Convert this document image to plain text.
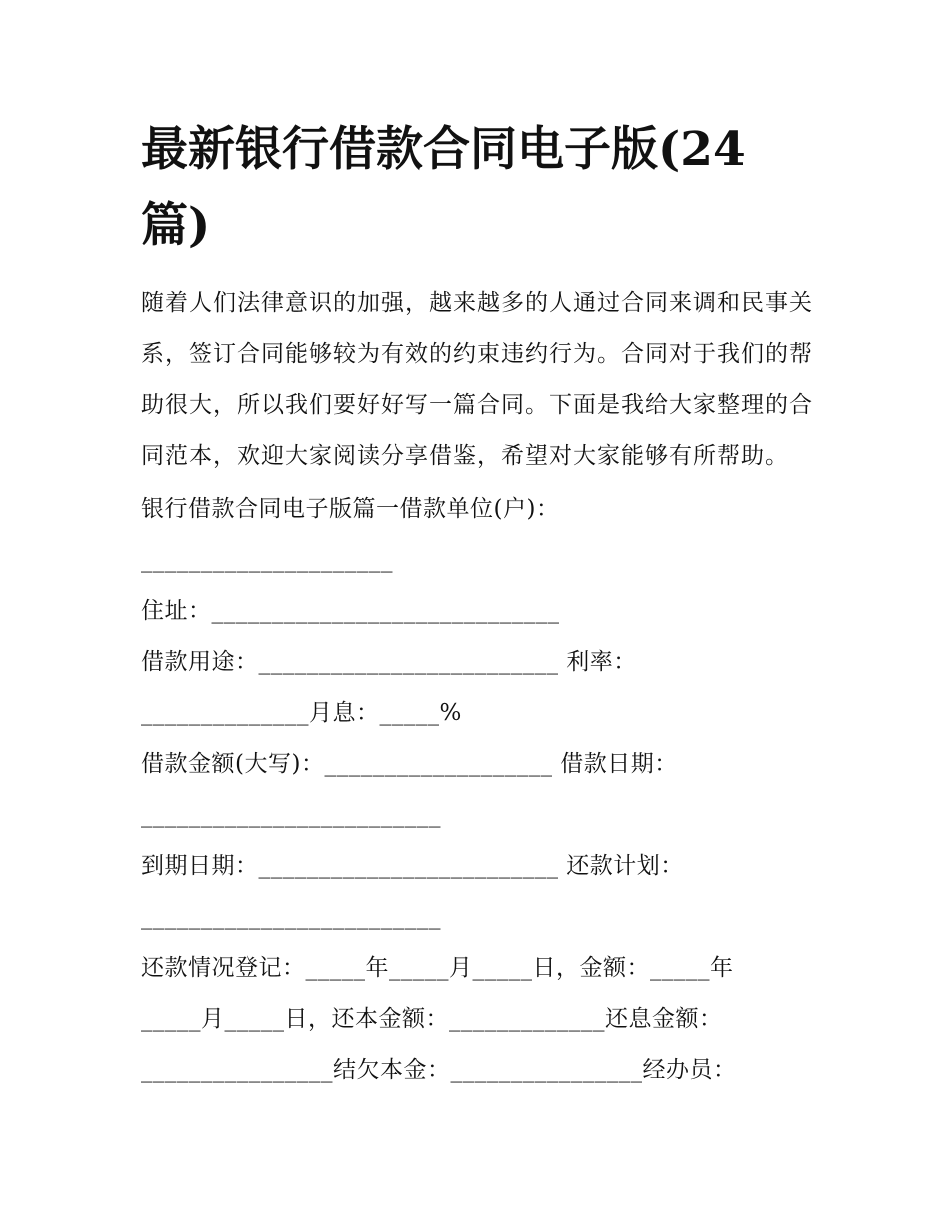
最新银行借款合同电子版(24篇)

随着人们法律意识的加强，越来越多的人通过合同来调和民事关系，签订合同能够较为有效的约束违约行为。合同对于我们的帮助很大，所以我们要好好写一篇合同。下面是我给大家整理的合同范本，欢迎大家阅读分享借鉴，希望对大家能够有所帮助。

银行借款合同电子版篇一借款单位(户)：
_____________________
住址：_____________________________
借款用途：_________________________ 利率：
______________月息：_____%
借款金额(大写)：___________________ 借款日期：
_________________________
到期日期：_________________________ 还款计划：
_________________________
还款情况登记：_____年_____月_____日，金额：_____年
_____月_____日，还本金额：_____________还息金额：
________________结欠本金：________________经办员：
